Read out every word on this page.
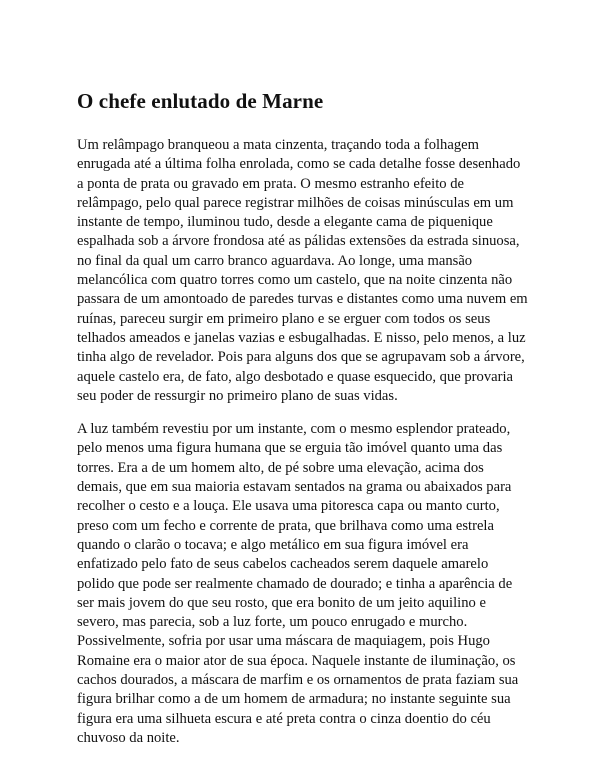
O chefe enlutado de Marne

Um relâmpago branqueou a mata cinzenta, traçando toda a folhagem enrugada até a última folha enrolada, como se cada detalhe fosse desenhado a ponta de prata ou gravado em prata. O mesmo estranho efeito de relâmpago, pelo qual parece registrar milhões de coisas minúsculas em um instante de tempo, iluminou tudo, desde a elegante cama de piquenique espalhada sob a árvore frondosa até as pálidas extensões da estrada sinuosa, no final da qual um carro branco aguardava. Ao longe, uma mansão melancólica com quatro torres como um castelo, que na noite cinzenta não passara de um amontoado de paredes turvas e distantes como uma nuvem em ruínas, pareceu surgir em primeiro plano e se erguer com todos os seus telhados ameados e janelas vazias e esbugalhadas. E nisso, pelo menos, a luz tinha algo de revelador. Pois para alguns dos que se agrupavam sob a árvore, aquele castelo era, de fato, algo desbotado e quase esquecido, que provaria seu poder de ressurgir no primeiro plano de suas vidas.

A luz também revestiu por um instante, com o mesmo esplendor prateado, pelo menos uma figura humana que se erguia tão imóvel quanto uma das torres. Era a de um homem alto, de pé sobre uma elevação, acima dos demais, que em sua maioria estavam sentados na grama ou abaixados para recolher o cesto e a louça. Ele usava uma pitoresca capa ou manto curto, preso com um fecho e corrente de prata, que brilhava como uma estrela quando o clarão o tocava; e algo metálico em sua figura imóvel era enfatizado pelo fato de seus cabelos cacheados serem daquele amarelo polido que pode ser realmente chamado de dourado; e tinha a aparência de ser mais jovem do que seu rosto, que era bonito de um jeito aquilino e severo, mas parecia, sob a luz forte, um pouco enrugado e murcho. Possivelmente, sofria por usar uma máscara de maquiagem, pois Hugo Romaine era o maior ator de sua época. Naquele instante de iluminação, os cachos dourados, a máscara de marfim e os ornamentos de prata faziam sua figura brilhar como a de um homem de armadura; no instante seguinte sua figura era uma silhueta escura e até preta contra o cinza doentio do céu chuvoso da noite.
